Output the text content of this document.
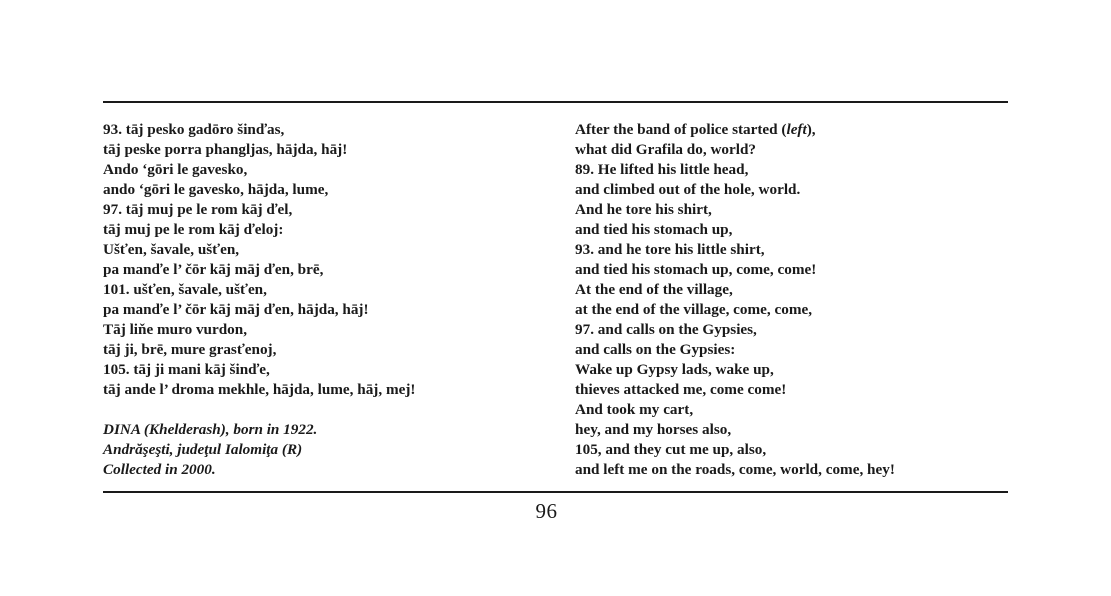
93. tāj pesko gadōro šinďas,
tāj peske porra phangljas, hājda, hāj!
Ando ‘gōri le gavesko,
ando ‘gōri le gavesko, hājda, lume,
97. tāj muj pe le rom kāj ďel,
tāj muj pe le rom kāj ďeloj:
Ušťen, šavale, ušťen,
pa manďe l’ čōr kāj māj ďen, brē,
101. ušťen, šavale, ušťen,
pa manďe l’ čōr kāj māj ďen, hājda, hāj!
Tāj liňe muro vurdon,
tāj ji, brē, mure grasťenoj,
105. tāj ji mani kāj šinďe,
tāj ande l’ droma mekhle, hājda, lume, hāj, mej!
DINA (Khelderash), born in 1922.
Andrăşeşti, judeţul Ialomiţa (R)
Collected in 2000.
After the band of police started (left),
what did Grafila do, world?
89. He lifted his little head,
and climbed out of the hole, world.
And he tore his shirt,
and tied his stomach up,
93. and he tore his little shirt,
and tied his stomach up, come, come!
At the end of the village,
at the end of the village, come, come,
97. and calls on the Gypsies,
and calls on the Gypsies:
Wake up Gypsy lads, wake up,
thieves attacked me, come come!
And took my cart,
hey, and my horses also,
105, and they cut me up, also,
and left me on the roads, come, world, come, hey!
96
